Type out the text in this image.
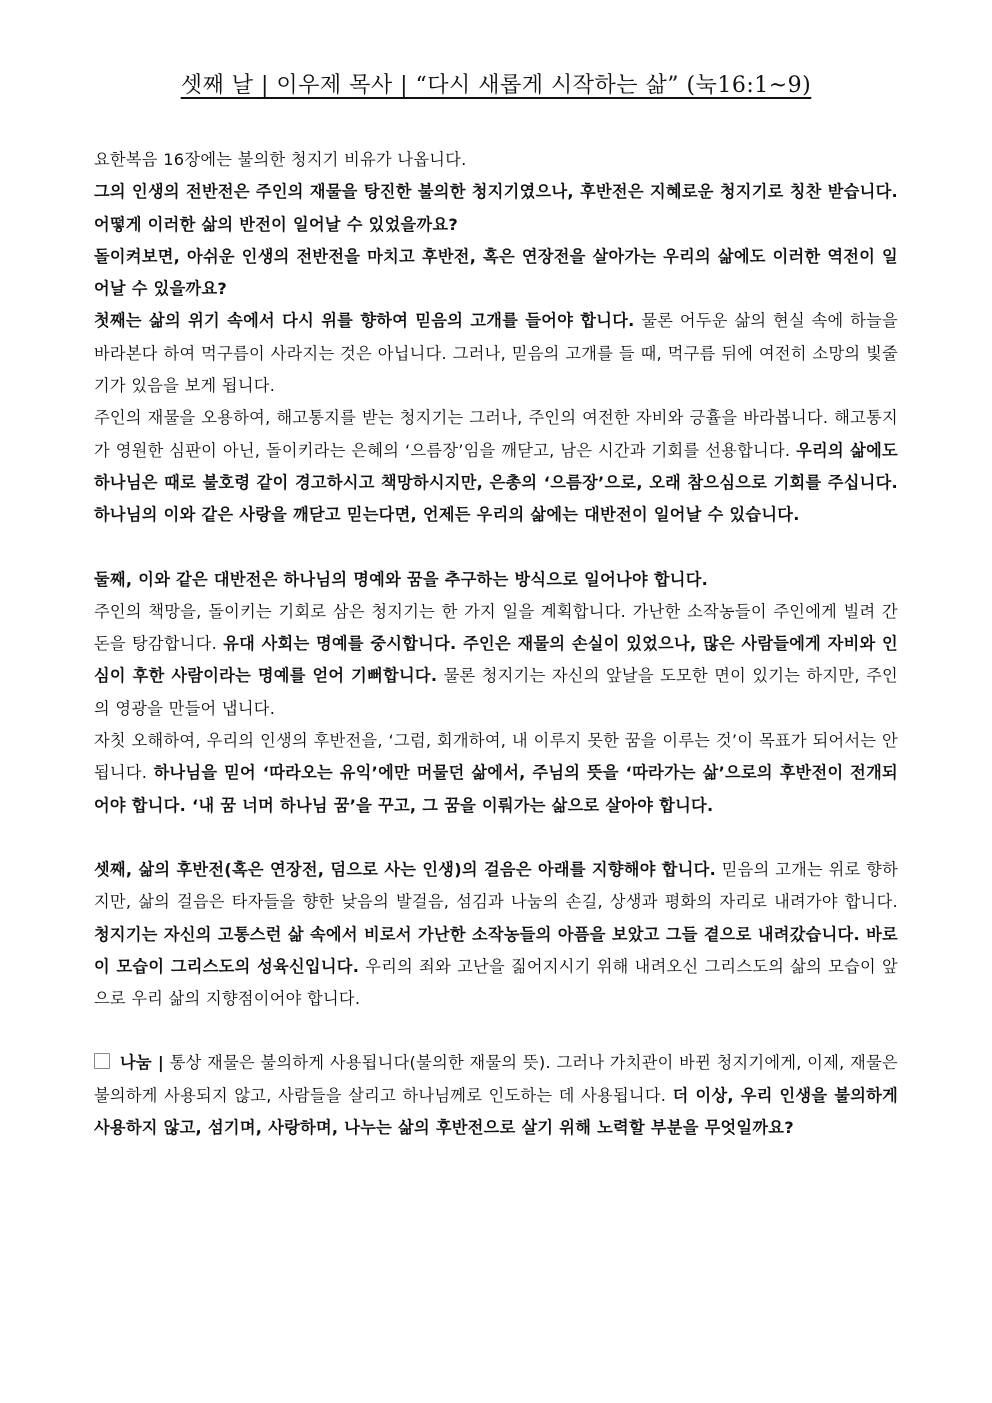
셋째 날 | 이우제 목사 | “다시 새롭게 시작하는 삶” (눅16:1~9)

요한복음 16장에는 불의한 청지기 비유가 나옵니다.

그의 인생의 전반전은 주인의 재물을 탕진한 불의한 청지기였으나, 후반전은 지혜로운 청지기로 칭찬 받습니다. 어떻게 이러한 삶의 반전이 일어날 수 있었을까요?

돌이켜보면, 아쉬운 인생의 전반전을 마치고 후반전, 혹은 연장전을 살아가는 우리의 삶에도 이러한 역전이 일어날 수 있을까요?

첫째는 삶의 위기 속에서 다시 위를 향하여 믿음의 고개를 들어야 합니다. 물론 어두운 삶의 현실 속에 하늘을 바라본다 하여 먹구름이 사라지는 것은 아닙니다. 그러나, 믿음의 고개를 들 때, 먹구름 뒤에 여전히 소망의 빛줄기가 있음을 보게 됩니다.

주인의 재물을 오용하여, 해고통지를 받는 청지기는 그러나, 주인의 여전한 자비와 긍휼을 바라봅니다. 해고통지가 영원한 심판이 아닌, 돌이키라는 은혜의 ‘으름장’임을 깨닫고, 남은 시간과 기회를 선용합니다. 우리의 삶에도 하나님은 때로 불호령 같이 경고하시고 책망하시지만, 은총의 ‘으름장’으로, 오래 참으심으로 기회를 주십니다. 하나님의 이와 같은 사랑을 깨닫고 믿는다면, 언제든 우리의 삶에는 대반전이 일어날 수 있습니다.

둘째, 이와 같은 대반전은 하나님의 명예와 꿈을 추구하는 방식으로 일어나야 합니다.

주인의 책망을, 돌이키는 기회로 삼은 청지기는 한 가지 일을 계획합니다. 가난한 소작농들이 주인에게 빌려 간 돈을 탕감합니다. 유대 사회는 명예를 중시합니다. 주인은 재물의 손실이 있었으나, 많은 사람들에게 자비와 인심이 후한 사람이라는 명예를 얻어 기뻐합니다. 물론 청지기는 자신의 앞날을 도모한 면이 있기는 하지만, 주인의 영광을 만들어 냅니다.

자칫 오해하여, 우리의 인생의 후반전을, ‘그럼, 회개하여, 내 이루지 못한 꿈을 이루는 것’이 목표가 되어서는 안됩니다. 하나님을 믿어 ‘따라오는 유익’에만 머물던 삶에서, 주님의 뜻을 ‘따라가는 삶’으로의 후반전이 전개되어야 합니다. ‘내 꿈 너머 하나님 꿈’을 꾸고, 그 꿈을 이뤄가는 삶으로 살아야 합니다.

셋째, 삶의 후반전(혹은 연장전, 덤으로 사는 인생)의 걸음은 아래를 지향해야 합니다. 믿음의 고개는 위로 향하지만, 삶의 걸음은 타자들을 향한 낮음의 발걸음, 섬김과 나눔의 손길, 상생과 평화의 자리로 내려가야 합니다. 청지기는 자신의 고통스런 삶 속에서 비로서 가난한 소작농들의 아픔을 보았고 그들 곁으로 내려갔습니다. 바로 이 모습이 그리스도의 성육신입니다. 우리의 죄와 고난을 짊어지시기 위해 내려오신 그리스도의 삶의 모습이 앞으로 우리 삶의 지향점이어야 합니다.

나눔 | 통상 재물은 불의하게 사용됩니다(불의한 재물의 뜻). 그러나 가치관이 바뀐 청지기에게, 이제, 재물은 불의하게 사용되지 않고, 사람들을 살리고 하나님께로 인도하는 데 사용됩니다. 더 이상, 우리 인생을 불의하게 사용하지 않고, 섬기며, 사랑하며, 나누는 삶의 후반전으로 살기 위해 노력할 부분을 무엇일까요?
